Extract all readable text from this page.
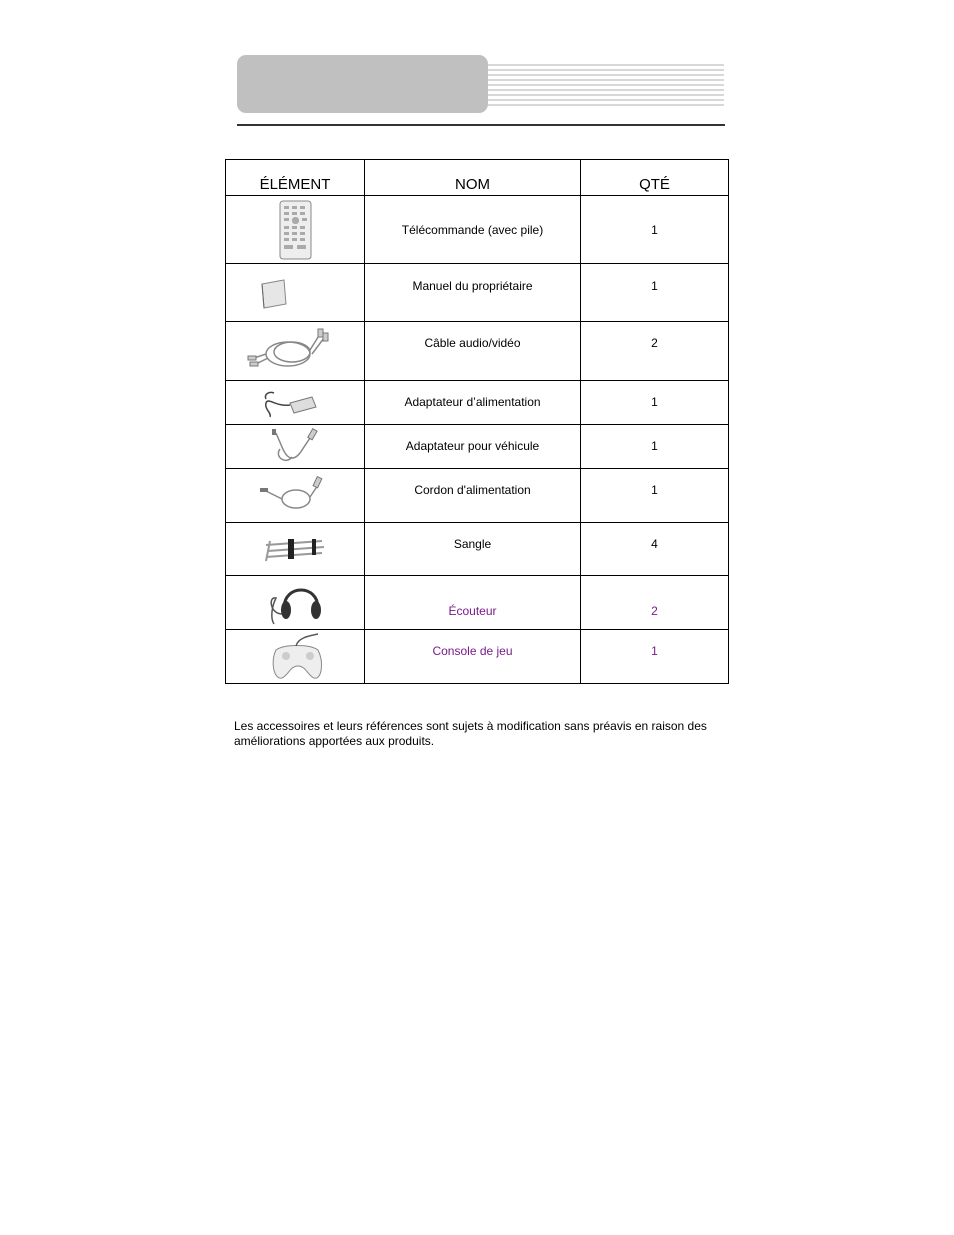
ÉLÉMENT	NOM	QTÉ

Télécommande (avec pile)	1

Manuel du propriétaire	1

Câble audio/vidéo	2

Adaptateur d’alimentation	1

Adaptateur pour véhicule	1

Cordon d'alimentation	1

Sangle	4

Écouteur	2

Console de jeu	1
Les accessoires et leurs références sont sujets à modification sans préavis en raison des améliorations apportées aux produits.
